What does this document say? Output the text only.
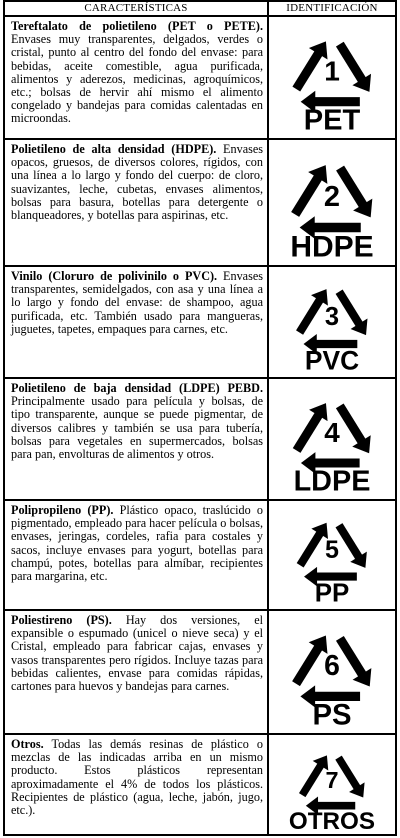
CARACTERÍSTICAS	IDENTIFICACIÓN
Tereftalato de polietileno (PET o PETE). Envases muy transparentes, delgados, verdes o cristal, punto al centro del fondo del envase: para bebidas, aceite comestible, agua purificada, alimentos y aderezos, medicinas, agroquímicos, etc.; bolsas de hervir ahí mismo el alimento congelado y bandejas para comidas calentadas en microondas.
1
PET
Polietileno de alta densidad (HDPE). Envases opacos, gruesos, de diversos colores, rígidos, con una línea a lo largo y fondo del cuerpo: de cloro, suavizantes, leche, cubetas, envases alimentos, bolsas para basura, botellas para detergente o blanqueadores, y botellas para aspirinas, etc.
2
HDPE
Vinilo (Cloruro de polivinilo o PVC). Envases transparentes, semidelgados, con asa y una línea a lo largo y fondo del envase: de shampoo, agua purificada, etc. También usado para mangueras, juguetes, tapetes, empaques para carnes, etc.	3
PVC
Polietileno de baja densidad (LDPE) PEBD. Principalmente usado para película y bolsas, de tipo transparente, aunque se puede pigmentar, de diversos calibres y también se usa para tubería, bolsas para vegetales en supermercados, bolsas para pan, envolturas de alimentos y otros.
4
LDPE
Polipropileno (PP). Plástico opaco, traslúcido o pigmentado, empleado para hacer película o bolsas, envases, jeringas, cordeles, rafia para costales y sacos, incluye envases para yogurt, botellas para champú, potes, botellas para almíbar, recipientes para margarina, etc.
5
PP
Poliestireno (PS). Hay dos versiones, el expansible o espumado (unicel o nieve seca) y el Cristal, empleado para fabricar cajas, envases y vasos transparentes pero rígidos. Incluye tazas para bebidas calientes, envase para comidas rápidas, cartones para huevos y bandejas para carnes.
6
PS
Otros. Todas las demás resinas de plástico o mezclas de las indicadas arriba en un mismo producto. Estos plásticos representan aproximadamente el 4% de todos los plásticos. Recipientes de plástico (agua, leche, jabón, jugo, etc.).
7
OTROS
